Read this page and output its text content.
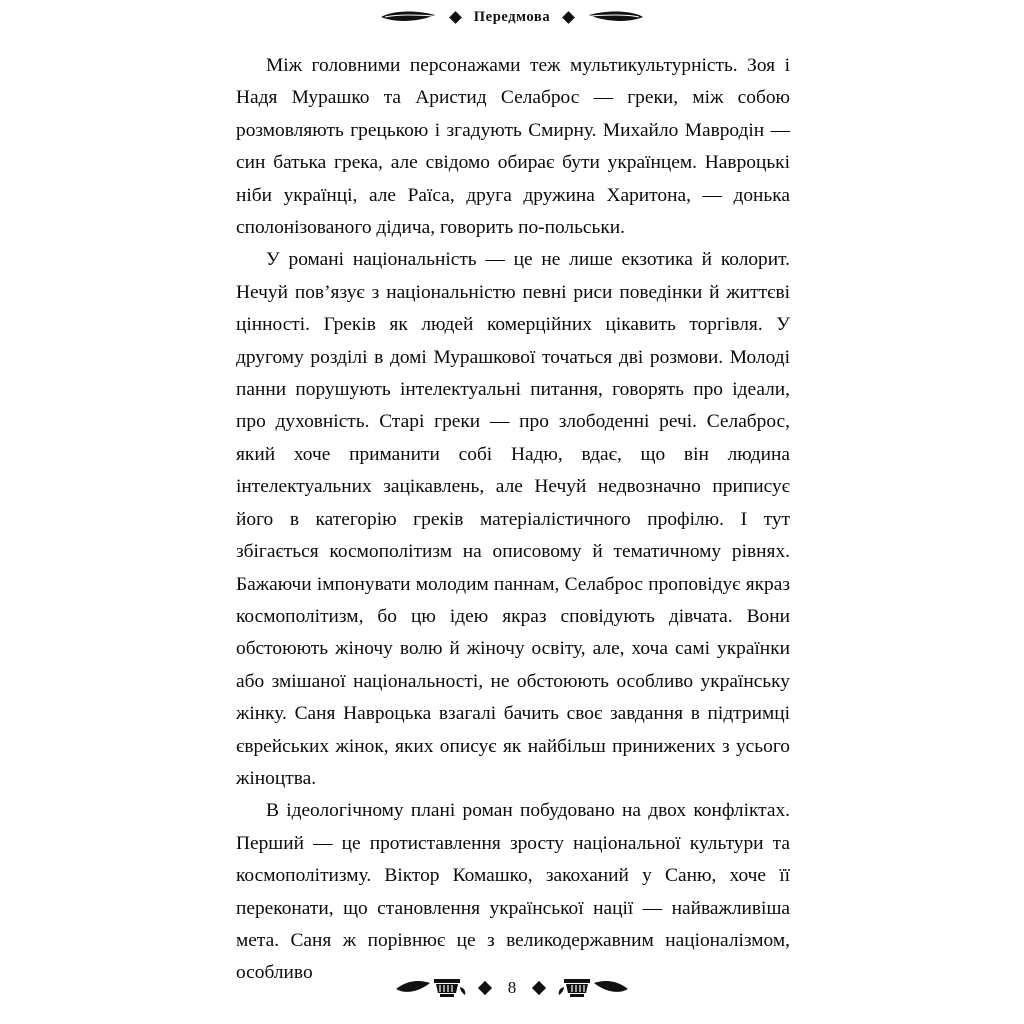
Передмова

Між головними персонажами теж мультикультурність. Зоя і Надя Мурашко та Аристид Селаброс — греки, між собою розмовляють грецькою і згадують Смирну. Михайло Мавродін — син батька грека, але свідомо обирає бути українцем. Навроцькі ніби українці, але Раїса, друга дружина Харитона, — донька сполонізованого дідича, говорить по-польськи.

У романі національність — це не лише екзотика й колорит. Нечуй пов’язує з національністю певні риси поведінки й життєві цінності. Греків як людей комерційних цікавить торгівля. У другому розділі в домі Мурашкової точаться дві розмови. Молоді панни порушують інтелектуальні питання, говорять про ідеали, про духовність. Старі греки — про злободенні речі. Селаброс, який хоче приманити собі Надю, вдає, що він людина інтелектуальних зацікавлень, але Нечуй недвозначно приписує його в категорію греків матеріалістичного профілю. І тут збігається космополітизм на описовому й тематичному рівнях. Бажаючи імпонувати молодим паннам, Селаброс проповідує якраз космополітизм, бо цю ідею якраз сповідують дівчата. Вони обстоюють жіночу волю й жіночу освіту, але, хоча самі українки або змішаної національності, не обстоюють особливо українську жінку. Саня Навроцька взагалі бачить своє завдання в підтримці єврейських жінок, яких описує як найбільш принижених з усього жіноцтва.

В ідеологічному плані роман побудовано на двох конфліктах. Перший — це протиставлення зросту національної культури та космополітизму. Віктор Комашко, закоханий у Саню, хоче її переконати, що становлення української нації — найважливіша мета. Саня ж порівнює це з великодержавним націоналізмом, особливо

8
